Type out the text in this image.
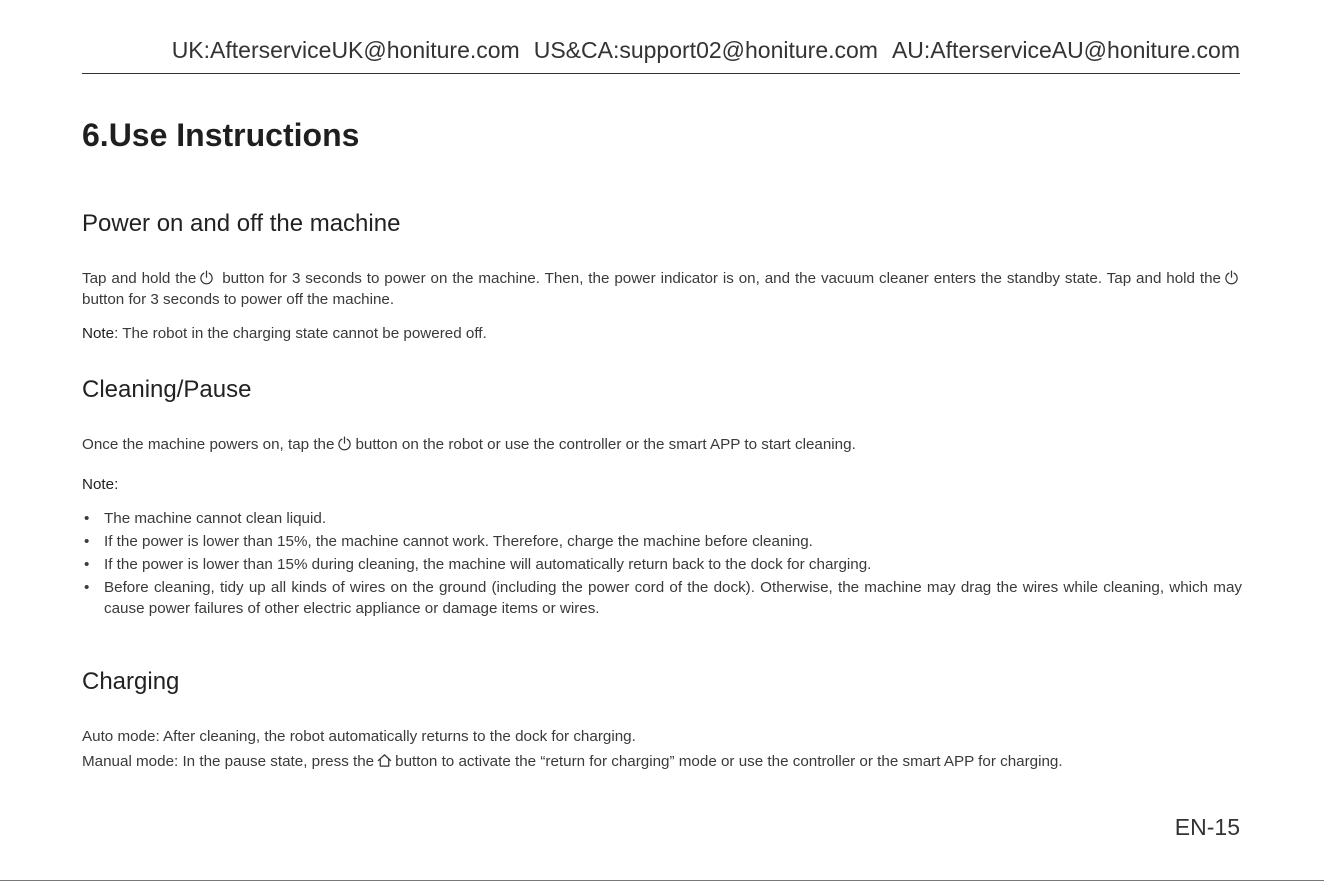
UK:AfterserviceUK@honiture.com US&CA:support02@honiture.com AU:AfterserviceAU@honiture.com
6.Use Instructions
Power on and off the machine

Tap and hold the
button for 3 seconds to power on the machine. Then, the power indicator is on, and the vacuum cleaner enters the standby state. Tap and hold the
button for 3 seconds to power off the machine.

Note: The robot in the charging state cannot be powered off.

Cleaning/Pause

Once the machine powers on, tap the button on the robot or use the controller or the smart APP to start cleaning.

Note:

• The machine cannot clean liquid.
• If the power is lower than 15%, the machine cannot work. Therefore, charge the machine before cleaning.
• If the power is lower than 15% during cleaning, the machine will automatically return back to the dock for charging.
• Before cleaning, tidy up all kinds of wires on the ground (including the power cord of the dock). Otherwise, the machine may drag the wires while cleaning, which may cause power failures of other electric appliance or damage items or wires.
Charging

Auto mode: After cleaning, the robot automatically returns to the dock for charging.

Manual mode: In the pause state, press the button to activate the “return for charging” mode or use the controller or the smart APP for charging.

EN-15
